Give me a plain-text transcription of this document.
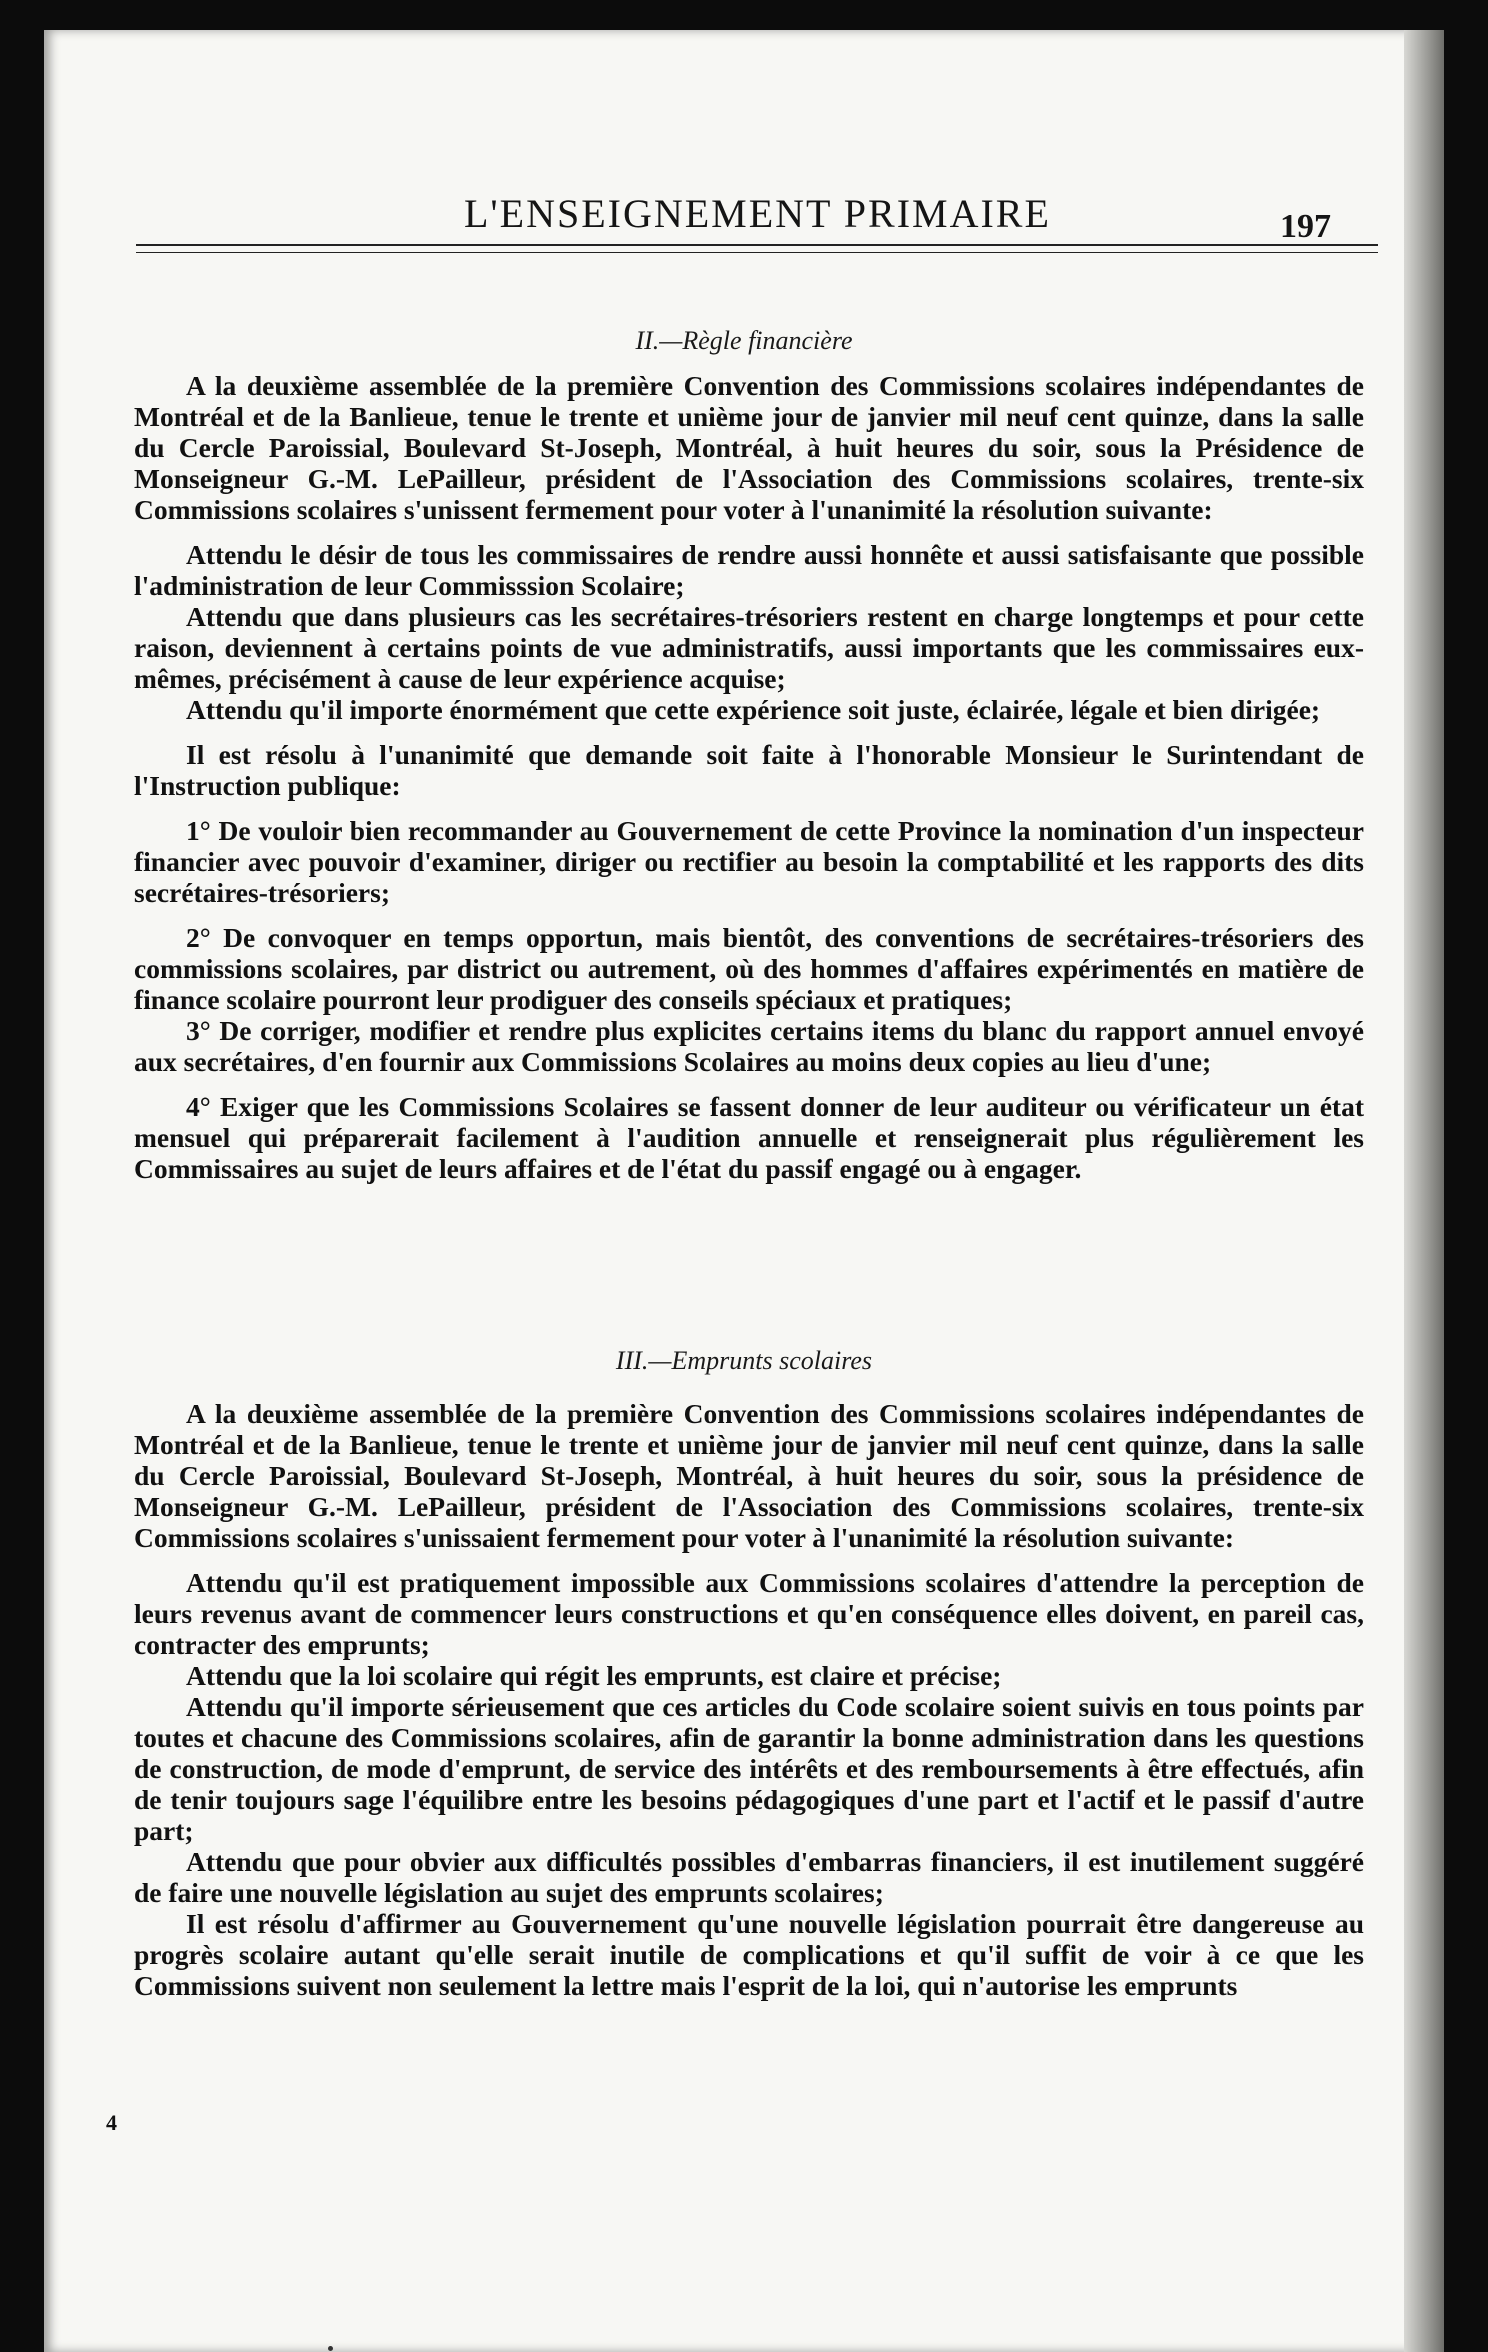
L'ENSEIGNEMENT PRIMAIRE	197
II.—Règle financière

A la deuxième assemblée de la première Convention des Commissions scolaires indépendantes de Montréal et de la Banlieue, tenue le trente et unième jour de janvier mil neuf cent quinze, dans la salle du Cercle Paroissial, Boulevard St-Joseph, Montréal, à huit heures du soir, sous la Présidence de Monseigneur G.-M. LePailleur, président de l'Association des Commissions scolaires, trente-six Commissions scolaires s'unissent fermement pour voter à l'unanimité la résolution suivante:

Attendu le désir de tous les commissaires de rendre aussi honnête et aussi satisfaisante que possible l'administration de leur Commisssion Scolaire;

Attendu que dans plusieurs cas les secrétaires-trésoriers restent en charge longtemps et pour cette raison, deviennent à certains points de vue administratifs, aussi importants que les commissaires eux-mêmes, précisément à cause de leur expérience acquise;

Attendu qu'il importe énormément que cette expérience soit juste, éclairée, légale et bien dirigée;

Il est résolu à l'unanimité que demande soit faite à l'honorable Monsieur le Surintendant de l'Instruction publique:

1° De vouloir bien recommander au Gouvernement de cette Province la nomination d'un inspecteur financier avec pouvoir d'examiner, diriger ou rectifier au besoin la comptabilité et les rapports des dits secrétaires-trésoriers;

2° De convoquer en temps opportun, mais bientôt, des conventions de secrétaires-trésoriers des commissions scolaires, par district ou autrement, où des hommes d'affaires expérimentés en matière de finance scolaire pourront leur prodiguer des conseils spéciaux et pratiques;

3° De corriger, modifier et rendre plus explicites certains items du blanc du rapport annuel envoyé aux secrétaires, d'en fournir aux Commissions Scolaires au moins deux copies au lieu d'une;

4° Exiger que les Commissions Scolaires se fassent donner de leur auditeur ou vérificateur un état mensuel qui préparerait facilement à l'audition annuelle et renseignerait plus régulièrement les Commissaires au sujet de leurs affaires et de l'état du passif engagé ou à engager.

III.—Emprunts scolaires

A la deuxième assemblée de la première Convention des Commissions scolaires indépendantes de Montréal et de la Banlieue, tenue le trente et unième jour de janvier mil neuf cent quinze, dans la salle du Cercle Paroissial, Boulevard St-Joseph, Montréal, à huit heures du soir, sous la présidence de Monseigneur G.-M. LePailleur, président de l'Association des Commissions scolaires, trente-six Commissions scolaires s'unissaient fermement pour voter à l'unanimité la résolution suivante:

Attendu qu'il est pratiquement impossible aux Commissions scolaires d'attendre la perception de leurs revenus avant de commencer leurs constructions et qu'en conséquence elles doivent, en pareil cas, contracter des emprunts;

Attendu que la loi scolaire qui régit les emprunts, est claire et précise;

Attendu qu'il importe sérieusement que ces articles du Code scolaire soient suivis en tous points par toutes et chacune des Commissions scolaires, afin de garantir la bonne administration dans les questions de construction, de mode d'emprunt, de service des intérêts et des remboursements à être effectués, afin de tenir toujours sage l'équilibre entre les besoins pédagogiques d'une part et l'actif et le passif d'autre part;

Attendu que pour obvier aux difficultés possibles d'embarras financiers, il est inutilement suggéré de faire une nouvelle législation au sujet des emprunts scolaires;

Il est résolu d'affirmer au Gouvernement qu'une nouvelle législation pourrait être dangereuse au progrès scolaire autant qu'elle serait inutile de complications et qu'il suffit de voir à ce que les Commissions suivent non seulement la lettre mais l'esprit de la loi, qui n'autorise les emprunts

4
